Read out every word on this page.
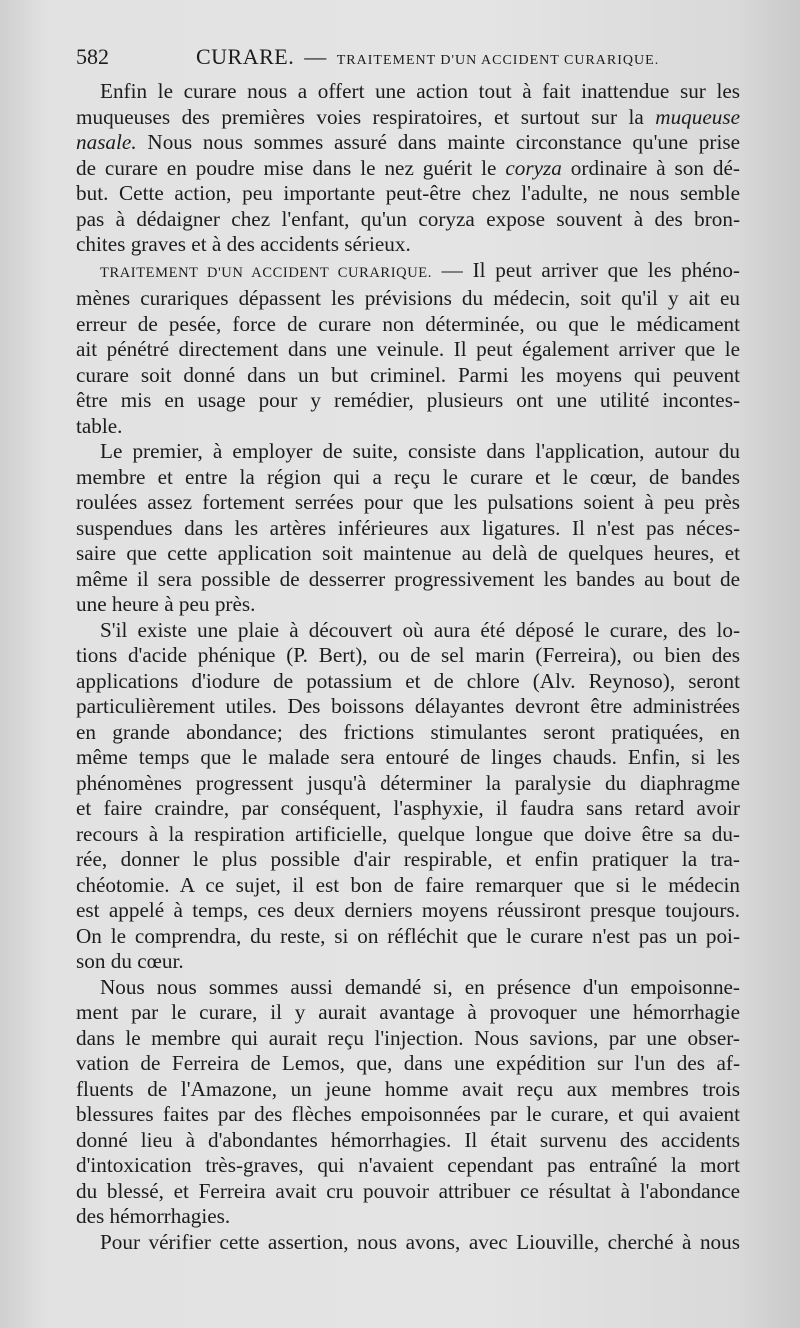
582	CURARE. — TRAITEMENT D'UN ACCIDENT CURARIQUE.
Enfin le curare nous a offert une action tout à fait inattendue sur les
muqueuses des premières voies respiratoires, et surtout sur la muqueuse
nasale. Nous nous sommes assuré dans mainte circonstance qu'une prise
de curare en poudre mise dans le nez guérit le coryza ordinaire à son dé-
but. Cette action, peu importante peut-être chez l'adulte, ne nous semble
pas à dédaigner chez l'enfant, qu'un coryza expose souvent à des bron-
chites graves et à des accidents sérieux.
TRAITEMENT D'UN ACCIDENT CURARIQUE. — Il peut arriver que les phéno-
mènes curariques dépassent les prévisions du médecin, soit qu'il y ait eu
erreur de pesée, force de curare non déterminée, ou que le médicament
ait pénétré directement dans une veinule. Il peut également arriver que le
curare soit donné dans un but criminel. Parmi les moyens qui peuvent
être mis en usage pour y remédier, plusieurs ont une utilité incontes-
table.
Le premier, à employer de suite, consiste dans l'application, autour du
membre et entre la région qui a reçu le curare et le cœur, de bandes
roulées assez fortement serrées pour que les pulsations soient à peu près
suspendues dans les artères inférieures aux ligatures. Il n'est pas néces-
saire que cette application soit maintenue au delà de quelques heures, et
même il sera possible de desserrer progressivement les bandes au bout de
une heure à peu près.
S'il existe une plaie à découvert où aura été déposé le curare, des lo-
tions d'acide phénique (P. Bert), ou de sel marin (Ferreira), ou bien des
applications d'iodure de potassium et de chlore (Alv. Reynoso), seront
particulièrement utiles. Des boissons délayantes devront être administrées
en grande abondance; des frictions stimulantes seront pratiquées, en
même temps que le malade sera entouré de linges chauds. Enfin, si les
phénomènes progressent jusqu'à déterminer la paralysie du diaphragme
et faire craindre, par conséquent, l'asphyxie, il faudra sans retard avoir
recours à la respiration artificielle, quelque longue que doive être sa du-
rée, donner le plus possible d'air respirable, et enfin pratiquer la tra-
chéotomie. A ce sujet, il est bon de faire remarquer que si le médecin
est appelé à temps, ces deux derniers moyens réussiront presque toujours.
On le comprendra, du reste, si on réfléchit que le curare n'est pas un poi-
son du cœur.
Nous nous sommes aussi demandé si, en présence d'un empoisonne-
ment par le curare, il y aurait avantage à provoquer une hémorrhagie
dans le membre qui aurait reçu l'injection. Nous savions, par une obser-
vation de Ferreira de Lemos, que, dans une expédition sur l'un des af-
fluents de l'Amazone, un jeune homme avait reçu aux membres trois
blessures faites par des flèches empoisonnées par le curare, et qui avaient
donné lieu à d'abondantes hémorrhagies. Il était survenu des accidents
d'intoxication très-graves, qui n'avaient cependant pas entraîné la mort
du blessé, et Ferreira avait cru pouvoir attribuer ce résultat à l'abondance
des hémorrhagies.
Pour vérifier cette assertion, nous avons, avec Liouville, cherché à nous
